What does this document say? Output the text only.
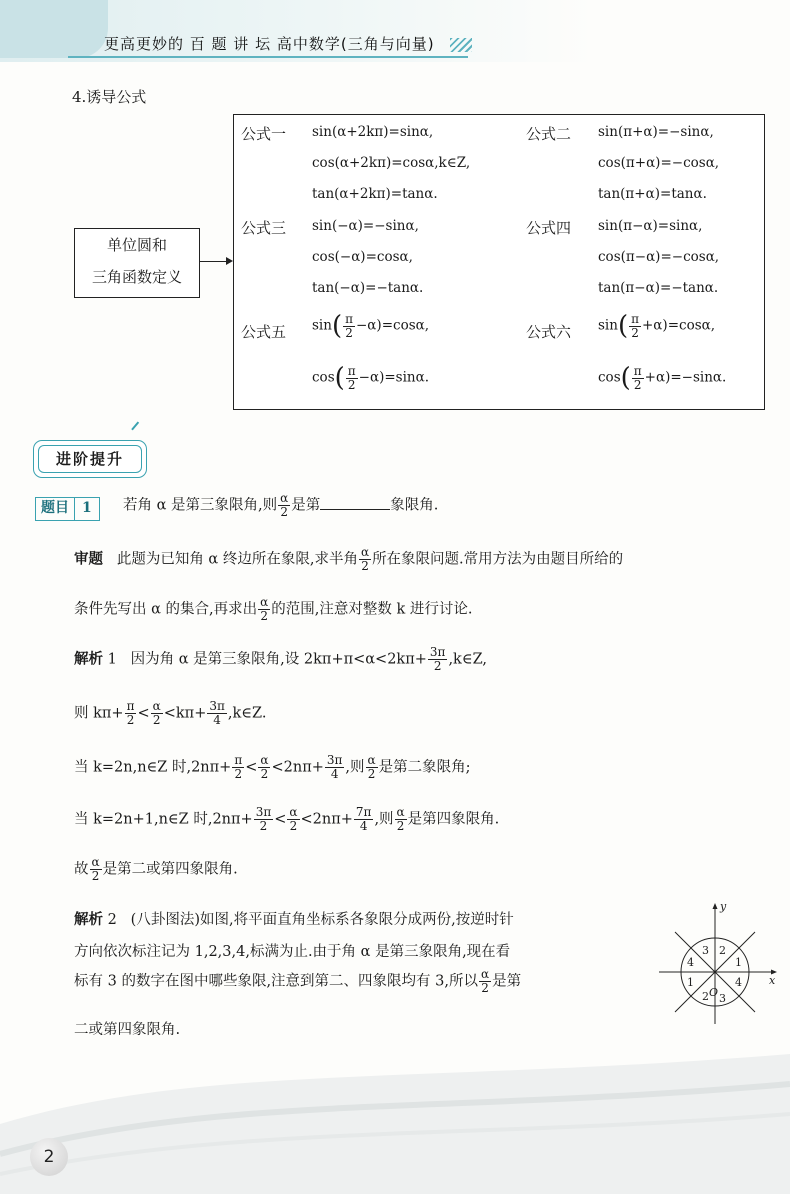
更高更妙的 百 题 讲 坛 高中数学(三角与向量)
4.诱导公式
单位圆和
三角函数定义
公式一 sin(α+2kπ)=sinα,
cos(α+2kπ)=cosα,k∈Z,
tan(α+2kπ)=tanα.
公式二 sin(π+α)=−sinα,
cos(π+α)=−cosα,
tan(π+α)=tanα.
公式三 sin(−α)=−sinα,
cos(−α)=cosα,
tan(−α)=−tanα.
公式四 sin(π−α)=sinα,
cos(π−α)=−cosα,
tan(π−α)=−tanα.
公式五 $\sin( \frac{\pi}{2} -\alpha)=\cos\alpha$,
$\cos( \frac{\pi}{2} -\alpha)=\sin\alpha$.
公式六 $\sin( \frac{\pi}{2} +\alpha)=\cos\alpha$,
$\cos( \frac{\pi}{2} +\alpha)=-\sin\alpha$.
进阶提升
题目 1	若角 α 是第三象限角,则 $\frac{\alpha}{2}$ 是第	象限角.
审题 此题为已知角 α 终边所在象限,求半角 $\frac{\alpha}{2}$ 所在象限问题.常用方法为由题目所给的
条件先写出 α 的集合,再求出 $\frac{\alpha}{2}$ 的范围,注意对整数 k 进行讨论.
解析 1 因为角 α 是第三象限角,设 $2k\pi+\pi<\alpha<2k\pi+ \frac{3\pi}{2}$ ,k∈Z,
则 $k\pi+ \frac{\pi}{2} < \frac{\alpha}{2} <k\pi+ \frac{3\pi}{4}$ ,k∈Z.
当 k=2n,n∈Z 时$,2n\pi+ \frac{\pi}{2} < \frac{\alpha}{2} <2n\pi+ \frac{3\pi}{4}$ ,则 $\frac{\alpha}{2}$ 是第二象限角;
当 k=2n+1,n∈Z 时$,2n\pi+ \frac{3\pi}{2} < \frac{\alpha}{2} <2n\pi+ \frac{7\pi}{4}$ ,则 $\frac{\alpha}{2}$ 是第四象限角.
故 $\frac{\alpha}{2}$ 是第二或第四象限角.
解析 2 (八卦图法)如图,将平面直角坐标系各象限分成两份,按逆时针
方向依次标注记为 1,2,3,4,标满为止.由于角 α 是第三象限角,现在看
标有 3 的数字在图中哪些象限,注意到第二、四象限均有 3,所以 $\frac{\alpha}{2}$ 是第
二或第四象限角.
y
x
O
3 2
1
4
1	4
2 3
2
